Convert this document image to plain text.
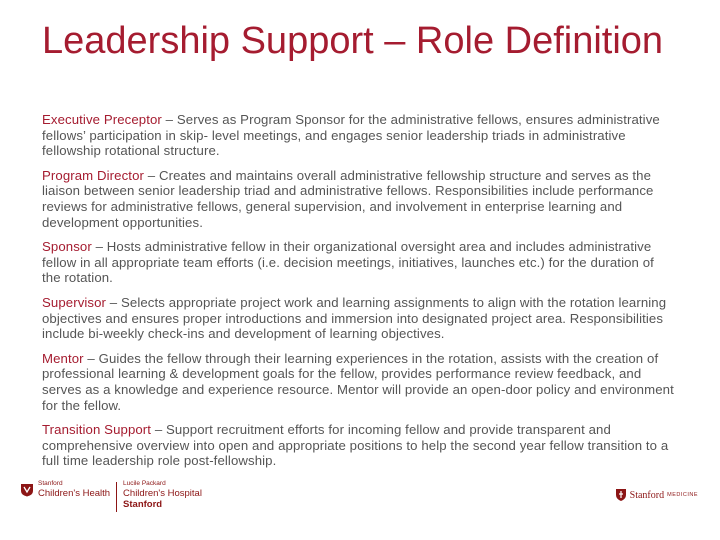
Leadership Support – Role Definition

Executive Preceptor – Serves as Program Sponsor for the administrative fellows, ensures administrative fellows’ participation in skip- level meetings, and engages senior leadership triads in administrative fellowship rotational structure.

Program Director – Creates and maintains overall administrative fellowship structure and serves as the liaison between senior leadership triad and administrative fellows. Responsibilities include performance reviews for administrative fellows, general supervision, and involvement in enterprise learning and development opportunities.

Sponsor – Hosts administrative fellow in their organizational oversight area and includes administrative fellow in all appropriate team efforts (i.e. decision meetings, initiatives, launches etc.) for the duration of the rotation.

Supervisor – Selects appropriate project work and learning assignments to align with the rotation learning objectives and ensures proper introductions and immersion into designated project area. Responsibilities include bi-weekly check-ins and development of learning objectives.

Mentor – Guides the fellow through their learning experiences in the rotation, assists with the creation of professional learning & development goals for the fellow, provides performance review feedback, and serves as a knowledge and experience resource. Mentor will provide an open-door policy and environment for the fellow.

Transition Support – Support recruitment efforts for incoming fellow and provide transparent and comprehensive overview into open and appropriate positions to help the second year fellow transition to a full time leadership role post-fellowship.

Stanford
Children's Health
Lucile Packard
Children's Hospital
Stanford
Stanford MEDICINE
